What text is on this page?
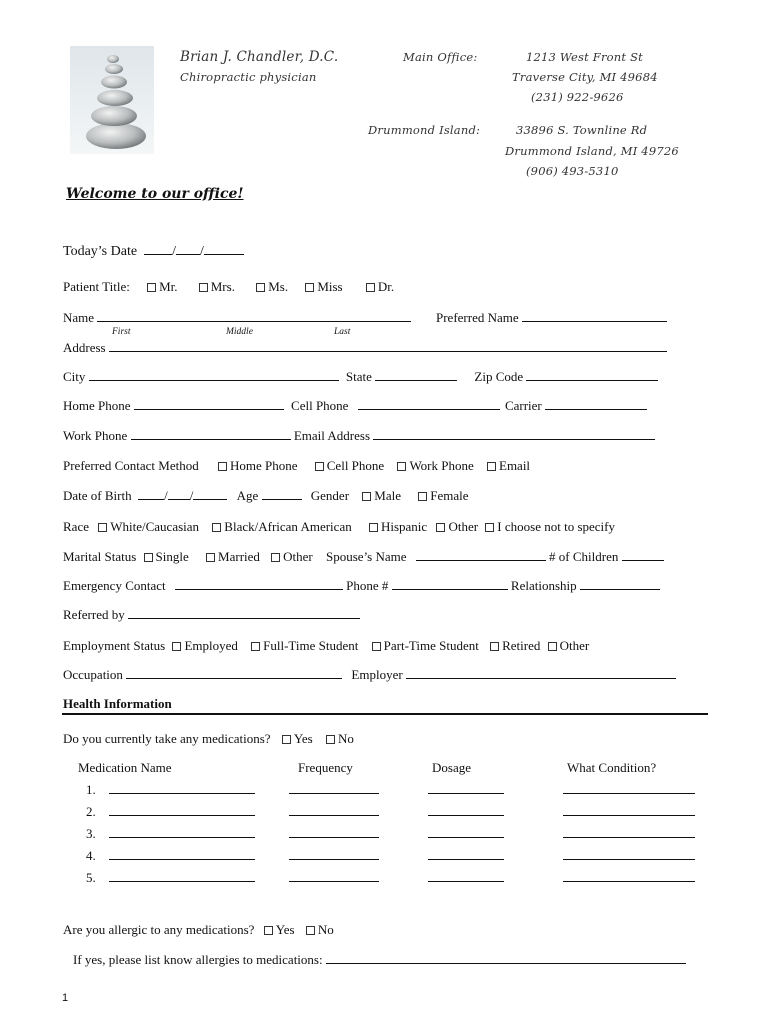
Brian J. Chandler, D.C.
Chiropractic physician
Main Office:	1213 West Front St
Traverse City, MI 49684
(231) 922-9626
Drummond Island:	33896 S. Townline Rd
Drummond Island, MI 49726
(906) 493-5310
Welcome to our office!
Today’s Date	/ /
Patient Title: Mr.	Mrs.	Ms. Miss	Dr.
Name	Preferred Name
First	Middle	Last
Address
City	State	Zip Code
Home Phone	Cell Phone	Carrier
Work Phone	Email Address
Preferred Contact Method Home Phone Cell Phone Work Phone Email
Date of Birth	/ /	Age	Gender Male Female
Race White/Caucasian Black/African American Hispanic Other I choose not to specify
Marital Status Single Married Other Spouse’s Name	# of Children
Emergency Contact	Phone #	Relationship
Referred by
Employment Status Employed Full-Time Student Part-Time Student Retired Other
Occupation	Employer
Health Information
Do you currently take any medications? Yes No
Medication Name	Frequency	Dosage	What Condition?
1.
2.
3.
4.
5.
Are you allergic to any medications? Yes No
If yes, please list know allergies to medications:
1
